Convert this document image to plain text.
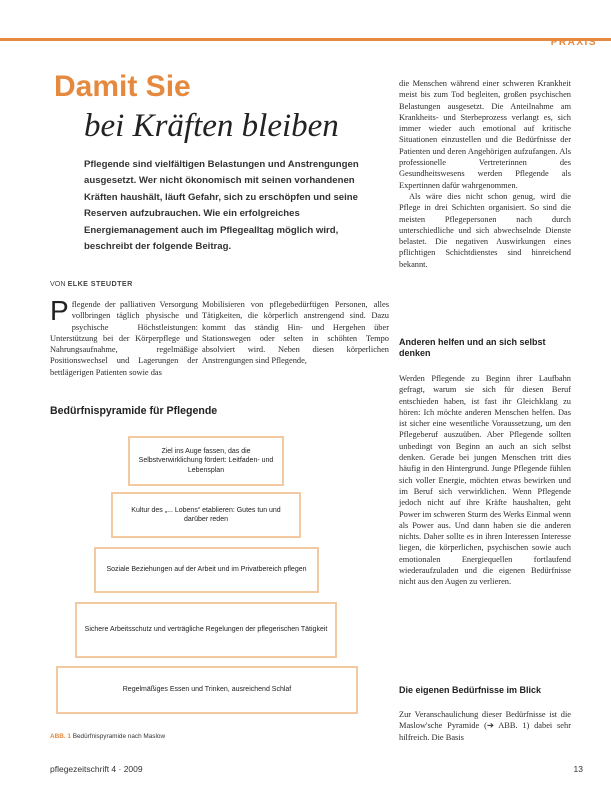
PRAXIS
Damit Sie
bei Kräften bleiben
Pflegende sind vielfältigen Belastungen und Anstrengungen ausgesetzt. Wer nicht ökonomisch mit seinen vorhandenen Kräften haushält, läuft Gefahr, sich zu erschöpfen und seine Reserven aufzubrauchen. Wie ein erfolgreiches Energiemanagement auch im Pflegealltag möglich wird, beschreibt der folgende Beitrag.
VON ELKE STEUDTER
P flegende der palliativen Versorgung vollbringen täglich physische und psychische Höchstleistungen: Unterstützung bei der Körperpflege und Nahrungsaufnahme, regelmäßige Positionswechsel und Lagerungen der bettlägerigen Patienten sowie das
Mobilisieren von pflegebedürftigen Personen, alles Tätigkeiten, die körperlich anstrengend sind. Dazu kommt das ständig Hin- und Hergehen über Stationswegen oder selten in schöhten Tempo absolviert wird. Neben diesen körperlichen Anstrengungen sind Pflegende,
Bedürfnispyramide für Pflegende
Ziel ins Auge fassen, das die Selbstverwirklichung fördert: Leitfaden- und Lebensplan
Kultur des „... Lobens“ etablieren: Gutes tun und darüber reden
Soziale Beziehungen auf der Arbeit und im Privatbereich pflegen
Sichere Arbeitsschutz und verträgliche Regelungen der pflegerischen Tätigkeit
Regelmäßiges Essen und Trinken, ausreichend Schlaf
ABB. 1 Bedürfnispyramide nach Maslow

die Menschen während einer schweren Krankheit meist bis zum Tod begleiten, großen psychischen Belastungen ausgesetzt. Die Anteilnahme am Krankheits- und Sterbeprozess verlangt es, sich immer wieder auch emotional auf kritische Situationen einzustellen und die Bedürfnisse der Patienten und deren Angehörigen aufzufangen. Als professionelle Vertreterinnen des Gesundheitswesens werden Pflegende als Expertinnen dafür wahrgenommen.

Als wäre dies nicht schon genug, wird die Pflege in drei Schichten organisiert. So sind die meisten Pflegepersonen nach durch unterschiedliche und sich abwechselnde Dienste belastet. Die negativen Auswirkungen eines pflichtigen Schichtdienstes sind hinreichend bekannt.

Anderen helfen und an sich selbst denken

Werden Pflegende zu Beginn ihrer Laufbahn gefragt, warum sie sich für diesen Beruf entschieden haben, ist fast ihr Gleichklang zu hören: Ich möchte anderen Menschen helfen. Das ist sicher eine wesentliche Voraussetzung, um den Pflegeberuf auszuüben. Aber Pflegende sollten unbedingt von Beginn an auch an sich selbst denken. Gerade bei jungen Menschen tritt dies häufig in den Hintergrund. Junge Pflegende fühlen sich voller Energie, möchten etwas bewirken und im Beruf sich verwirklichen. Wenn Pflegende jedoch nicht auf ihre Kräfte haushalten, geht Power im schweren Sturm des Werks Einmal wenn als Power aus. Und dann haben sie die anderen nichts. Daher sollte es in ihren Interessen Interesse liegen, die körperlichen, psychischen sowie auch emotionalen Energiequellen fortlaufend wiederaufzuladen und die eigenen Bedürfnisse nicht aus den Augen zu verlieren.

Die eigenen Bedürfnisse im Blick

Zur Veranschaulichung dieser Bedürfnisse ist die Maslow'sche Pyramide (➔ ABB. 1) dabei sehr hilfreich. Die Basis
pflegezeitschrift 4 · 2009	13
